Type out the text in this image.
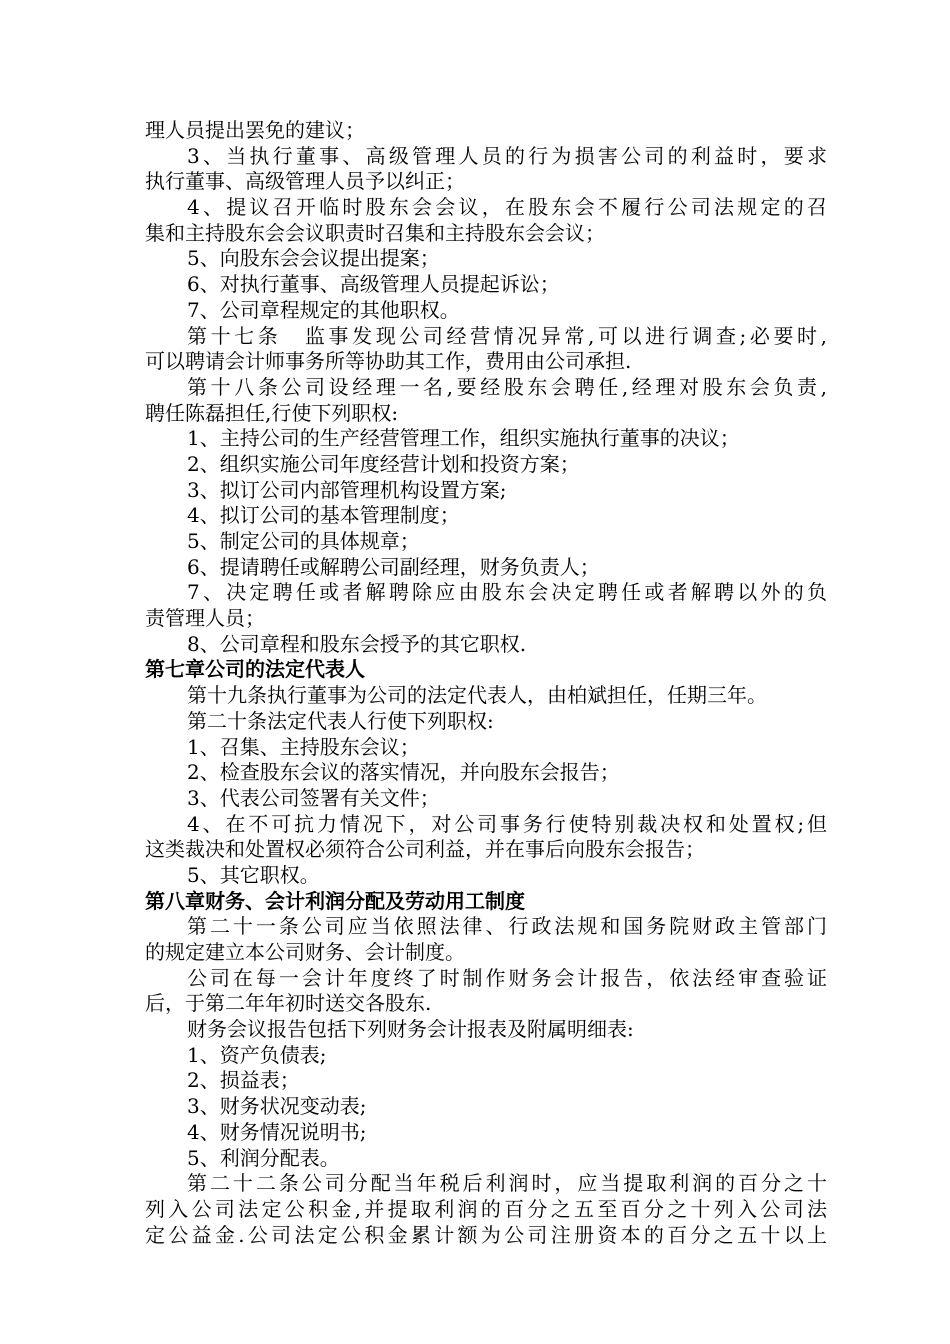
理人员提出罢免的建议；
3、当执行董事、高级管理人员的行为损害公司的利益时，要求
执行董事、高级管理人员予以纠正；
4、提议召开临时股东会会议，在股东会不履行公司法规定的召
集和主持股东会会议职责时召集和主持股东会会议；
5、向股东会会议提出提案；
6、对执行董事、高级管理人员提起诉讼；
7、公司章程规定的其他职权。
第十七条　监事发现公司经营情况异常,可以进行调查;必要时,
可以聘请会计师事务所等协助其工作，费用由公司承担.
第十八条公司设经理一名,要经股东会聘任,经理对股东会负责,
聘任陈磊担任,行使下列职权:
1、主持公司的生产经营管理工作，组织实施执行董事的决议；
2、组织实施公司年度经营计划和投资方案；
3、拟订公司内部管理机构设置方案;
4、拟订公司的基本管理制度；
5、制定公司的具体规章；
6、提请聘任或解聘公司副经理，财务负责人；
7、决定聘任或者解聘除应由股东会决定聘任或者解聘以外的负
责管理人员；
8、公司章程和股东会授予的其它职权.
第七章公司的法定代表人
第十九条执行董事为公司的法定代表人，由柏斌担任，任期三年。
第二十条法定代表人行使下列职权:
1、召集、主持股东会议；
2、检查股东会议的落实情况，并向股东会报告；
3、代表公司签署有关文件；
4、在不可抗力情况下，对公司事务行使特别裁决权和处置权;但
这类裁决和处置权必须符合公司利益，并在事后向股东会报告；
5、其它职权。
第八章财务、会计利润分配及劳动用工制度
第二十一条公司应当依照法律、行政法规和国务院财政主管部门
的规定建立本公司财务、会计制度。
公司在每一会计年度终了时制作财务会计报告，依法经审查验证
后，于第二年年初时送交各股东.
财务会议报告包括下列财务会计报表及附属明细表:
1、资产负债表;
2、损益表；
3、财务状况变动表;
4、财务情况说明书;
5、利润分配表。
第二十二条公司分配当年税后利润时，应当提取利润的百分之十
列入公司法定公积金,并提取利润的百分之五至百分之十列入公司法
定公益金.公司法定公积金累计额为公司注册资本的百分之五十以上
